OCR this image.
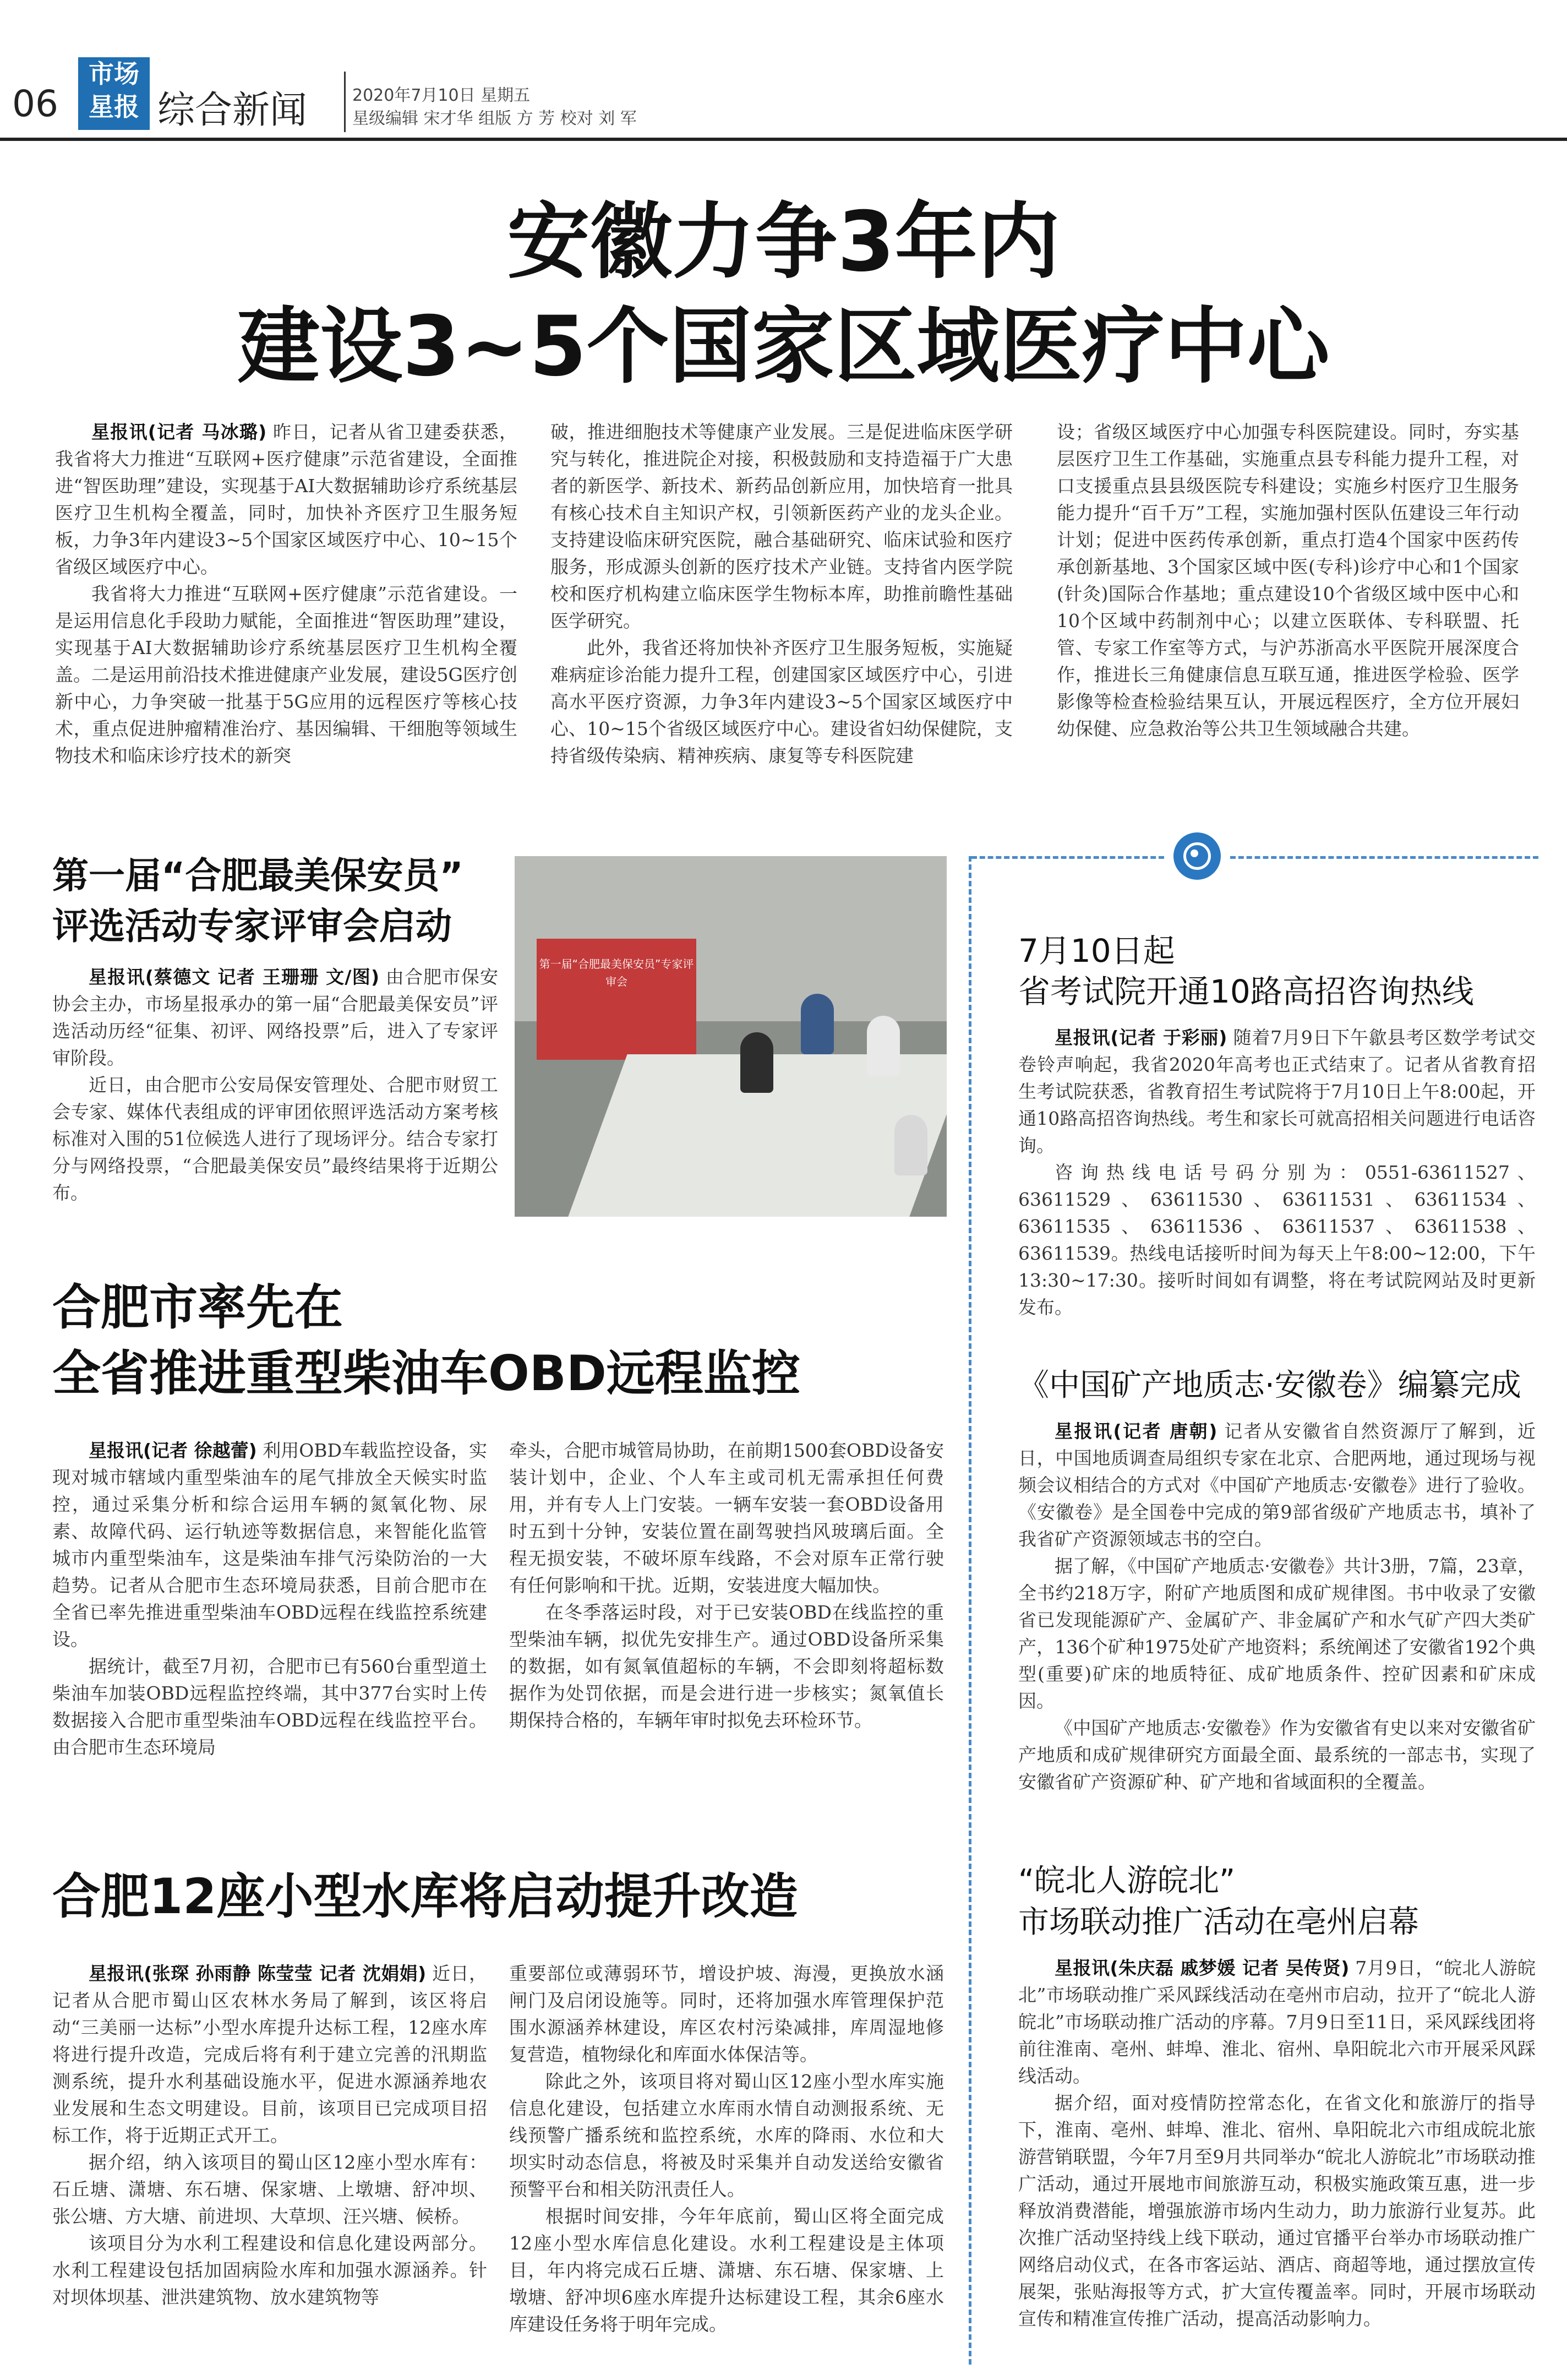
06
市场
星报 综合新闻	2020年7月10日 星期五
星级编辑 宋才华 组版 方 芳 校对 刘 军
安徽力争3年内
建设3~5个国家区域医疗中心

星报讯(记者 马冰璐) 昨日，记者从省卫建委获悉，我省将大力推进“互联网+医疗健康”示范省建设，全面推进“智医助理”建设，实现基于AI大数据辅助诊疗系统基层医疗卫生机构全覆盖，同时，加快补齐医疗卫生服务短板，力争3年内建设3~5个国家区域医疗中心、10~15个省级区域医疗中心。

我省将大力推进“互联网+医疗健康”示范省建设。一是运用信息化手段助力赋能，全面推进“智医助理”建设，实现基于AI大数据辅助诊疗系统基层医疗卫生机构全覆盖。二是运用前沿技术推进健康产业发展，建设5G医疗创新中心，力争突破一批基于5G应用的远程医疗等核心技术，重点促进肿瘤精准治疗、基因编辑、干细胞等领域生物技术和临床诊疗技术的新突

破，推进细胞技术等健康产业发展。三是促进临床医学研究与转化，推进院企对接，积极鼓励和支持造福于广大患者的新医学、新技术、新药品创新应用，加快培育一批具有核心技术自主知识产权，引领新医药产业的龙头企业。支持建设临床研究医院，融合基础研究、临床试验和医疗服务，形成源头创新的医疗技术产业链。支持省内医学院校和医疗机构建立临床医学生物标本库，助推前瞻性基础医学研究。

此外，我省还将加快补齐医疗卫生服务短板，实施疑难病症诊治能力提升工程，创建国家区域医疗中心，引进高水平医疗资源，力争3年内建设3~5个国家区域医疗中心、10~15个省级区域医疗中心。建设省妇幼保健院，支持省级传染病、精神疾病、康复等专科医院建

设；省级区域医疗中心加强专科医院建设。同时，夯实基层医疗卫生工作基础，实施重点县专科能力提升工程，对口支援重点县县级医院专科建设；实施乡村医疗卫生服务能力提升“百千万”工程，实施加强村医队伍建设三年行动计划；促进中医药传承创新，重点打造4个国家中医药传承创新基地、3个国家区域中医(专科)诊疗中心和1个国家(针灸)国际合作基地；重点建设10个省级区域中医中心和10个区域中药制剂中心；以建立医联体、专科联盟、托管、专家工作室等方式，与沪苏浙高水平医院开展深度合作，推进长三角健康信息互联互通，推进医学检验、医学影像等检查检验结果互认，开展远程医疗，全方位开展妇幼保健、应急救治等公共卫生领域融合共建。

第一届“合肥最美保安员”
评选活动专家评审会启动

星报讯(蔡德文 记者 王珊珊 文/图) 由合肥市保安协会主办，市场星报承办的第一届“合肥最美保安员”评选活动历经“征集、初评、网络投票”后，进入了专家评审阶段。

近日，由合肥市公安局保安管理处、合肥市财贸工会专家、媒体代表组成的评审团依照评选活动方案考核标准对入围的51位候选人进行了现场评分。结合专家打分与网络投票，“合肥最美保安员”最终结果将于近期公布。

第一届“合肥最美保安员”专家评审会
合肥市率先在
全省推进重型柴油车OBD远程监控

星报讯(记者 徐越蕾) 利用OBD车载监控设备，实现对城市辖域内重型柴油车的尾气排放全天候实时监控，通过采集分析和综合运用车辆的氮氧化物、尿素、故障代码、运行轨迹等数据信息，来智能化监管城市内重型柴油车，这是柴油车排气污染防治的一大趋势。记者从合肥市生态环境局获悉，目前合肥市在全省已率先推进重型柴油车OBD远程在线监控系统建设。

据统计，截至7月初，合肥市已有560台重型道土柴油车加装OBD远程监控终端，其中377台实时上传数据接入合肥市重型柴油车OBD远程在线监控平台。由合肥市生态环境局

牵头，合肥市城管局协助，在前期1500套OBD设备安装计划中，企业、个人车主或司机无需承担任何费用，并有专人上门安装。一辆车安装一套OBD设备用时五到十分钟，安装位置在副驾驶挡风玻璃后面。全程无损安装，不破坏原车线路，不会对原车正常行驶有任何影响和干扰。近期，安装进度大幅加快。

在冬季落运时段，对于已安装OBD在线监控的重型柴油车辆，拟优先安排生产。通过OBD设备所采集的数据，如有氮氧值超标的车辆，不会即刻将超标数据作为处罚依据，而是会进行进一步核实；氮氧值长期保持合格的，车辆年审时拟免去环检环节。

合肥12座小型水库将启动提升改造

星报讯(张琛 孙雨静 陈莹莹 记者 沈娟娟) 近日，记者从合肥市蜀山区农林水务局了解到，该区将启动“三美丽一达标”小型水库提升达标工程，12座水库将进行提升改造，完成后将有利于建立完善的汛期监测系统，提升水利基础设施水平，促进水源涵养地农业发展和生态文明建设。目前，该项目已完成项目招标工作，将于近期正式开工。

据介绍，纳入该项目的蜀山区12座小型水库有：石丘塘、潇塘、东石塘、保家塘、上墩塘、舒冲坝、张公塘、方大塘、前进坝、大草坝、汪兴塘、候桥。

该项目分为水利工程建设和信息化建设两部分。水利工程建设包括加固病险水库和加强水源涵养。针对坝体坝基、泄洪建筑物、放水建筑物等

重要部位或薄弱环节，增设护坡、海漫，更换放水涵闸门及启闭设施等。同时，还将加强水库管理保护范围水源涵养林建设，库区农村污染减排，库周湿地修复营造，植物绿化和库面水体保洁等。

除此之外，该项目将对蜀山区12座小型水库实施信息化建设，包括建立水库雨水情自动测报系统、无线预警广播系统和监控系统，水库的降雨、水位和大坝实时动态信息，将被及时采集并自动发送给安徽省预警平台和相关防汛责任人。

根据时间安排，今年年底前，蜀山区将全面完成12座小型水库信息化建设。水利工程建设是主体项目，年内将完成石丘塘、潇塘、东石塘、保家塘、上墩塘、舒冲坝6座水库提升达标建设工程，其余6座水库建设任务将于明年完成。

7月10日起
省考试院开通10路高招咨询热线

星报讯(记者 于彩丽) 随着7月9日下午歙县考区数学考试交卷铃声响起，我省2020年高考也正式结束了。记者从省教育招生考试院获悉，省教育招生考试院将于7月10日上午8:00起，开通10路高招咨询热线。考生和家长可就高招相关问题进行电话咨询。

咨询热线电话号码分别为：0551-63611527、63611529、63611530、63611531、63611534、63611535、63611536、63611537、63611538、63611539。热线电话接听时间为每天上午8:00~12:00，下午13:30~17:30。接听时间如有调整，将在考试院网站及时更新发布。

《中国矿产地质志·安徽卷》编纂完成

星报讯(记者 唐朝) 记者从安徽省自然资源厅了解到，近日，中国地质调查局组织专家在北京、合肥两地，通过现场与视频会议相结合的方式对《中国矿产地质志·安徽卷》进行了验收。《安徽卷》是全国卷中完成的第9部省级矿产地质志书，填补了我省矿产资源领域志书的空白。

据了解，《中国矿产地质志·安徽卷》共计3册，7篇，23章，全书约218万字，附矿产地质图和成矿规律图。书中收录了安徽省已发现能源矿产、金属矿产、非金属矿产和水气矿产四大类矿产，136个矿种1975处矿产地资料；系统阐述了安徽省192个典型(重要)矿床的地质特征、成矿地质条件、控矿因素和矿床成因。

《中国矿产地质志·安徽卷》作为安徽省有史以来对安徽省矿产地质和成矿规律研究方面最全面、最系统的一部志书，实现了安徽省矿产资源矿种、矿产地和省域面积的全覆盖。

“皖北人游皖北”
市场联动推广活动在亳州启幕

星报讯(朱庆磊 戚梦媛 记者 吴传贤) 7月9日，“皖北人游皖北”市场联动推广采风踩线活动在亳州市启动，拉开了“皖北人游皖北”市场联动推广活动的序幕。7月9日至11日，采风踩线团将前往淮南、亳州、蚌埠、淮北、宿州、阜阳皖北六市开展采风踩线活动。

据介绍，面对疫情防控常态化，在省文化和旅游厅的指导下，淮南、亳州、蚌埠、淮北、宿州、阜阳皖北六市组成皖北旅游营销联盟，今年7月至9月共同举办“皖北人游皖北”市场联动推广活动，通过开展地市间旅游互动，积极实施政策互惠，进一步释放消费潜能，增强旅游市场内生动力，助力旅游行业复苏。此次推广活动坚持线上线下联动，通过官播平台举办市场联动推广网络启动仪式，在各市客运站、酒店、商超等地，通过摆放宣传展架，张贴海报等方式，扩大宣传覆盖率。同时，开展市场联动宣传和精准宣传推广活动，提高活动影响力。
